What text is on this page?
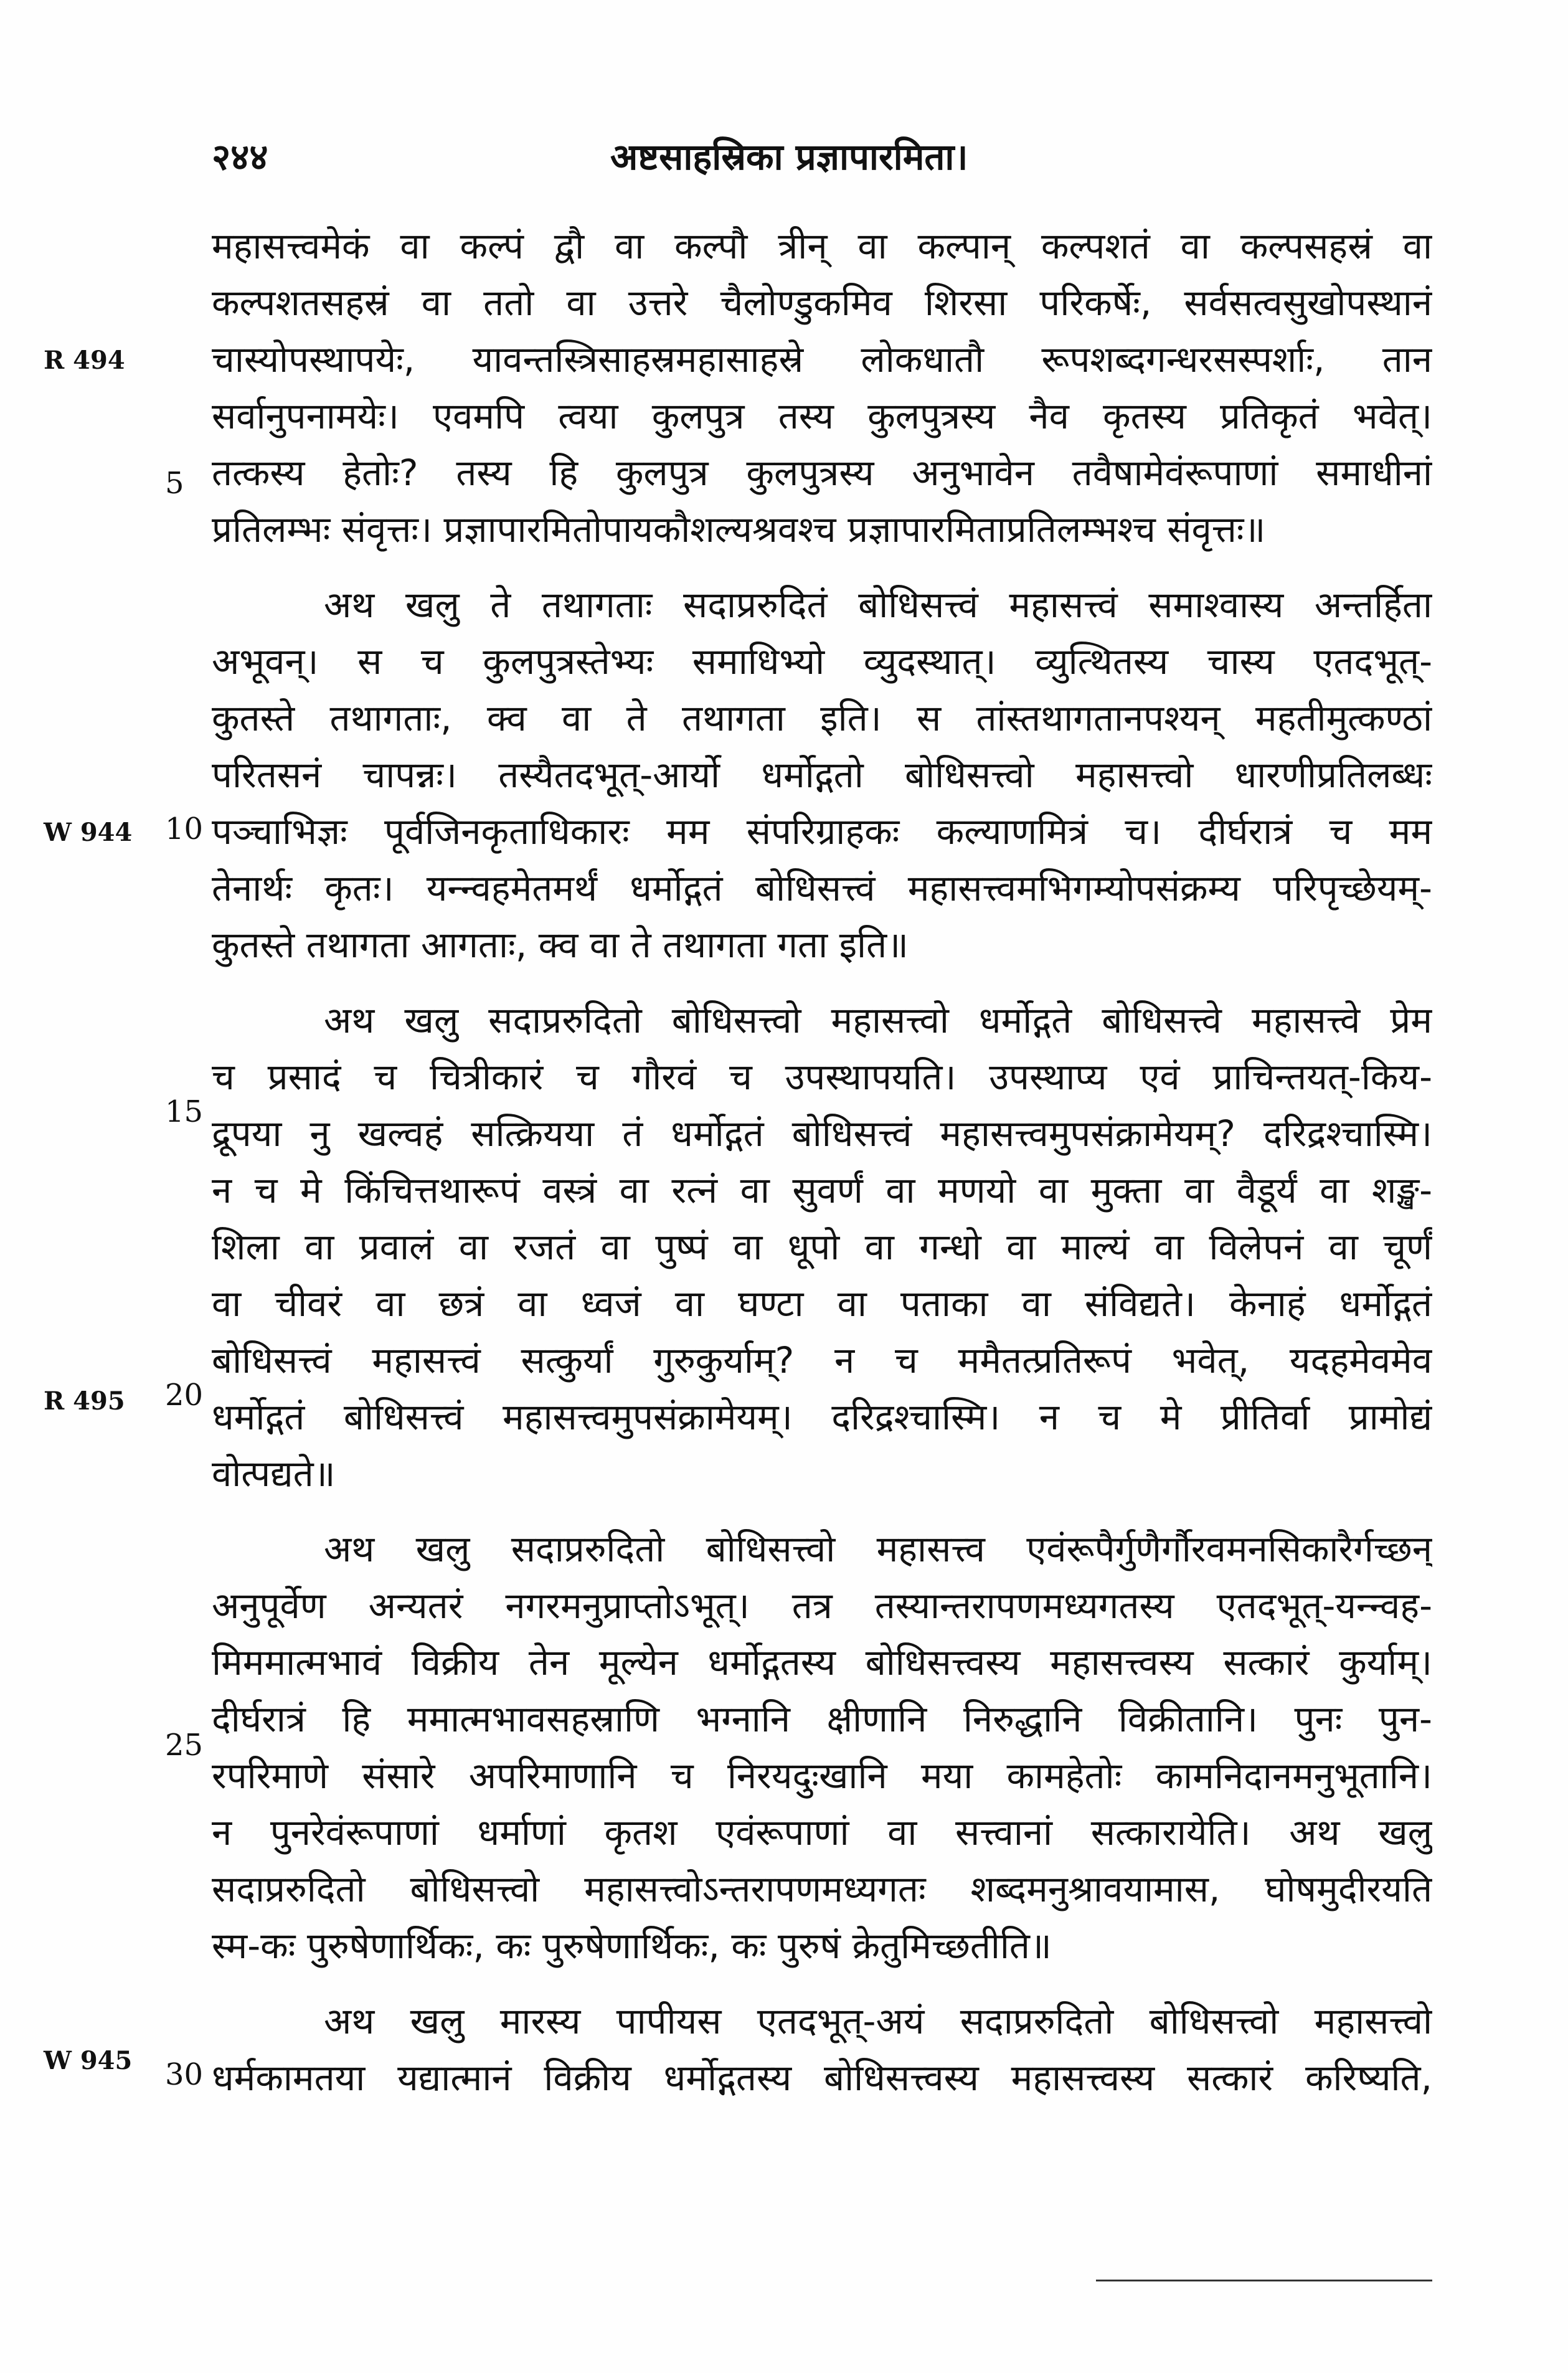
२४४	अष्टसाहस्रिका प्रज्ञापारमिता।
R 494
W 944
R 495
W 945
5
10
15
20
25
30
महासत्त्वमेकं वा कल्पं द्वौ वा कल्पौ त्रीन् वा कल्पान् कल्पशतं वा कल्पसहस्रं वा
कल्पशतसहस्रं वा ततो वा उत्तरे चैलोण्डुकमिव शिरसा परिकर्षेः, सर्वसत्वसुखोपस्थानं
चास्योपस्थापयेः, यावन्तस्त्रिसाहस्रमहासाहस्रे लोकधातौ रूपशब्दगन्धरसस्पर्शाः, तान
सर्वानुपनामयेः। एवमपि त्वया कुलपुत्र तस्य कुलपुत्रस्य नैव कृतस्य प्रतिकृतं भवेत्।
तत्कस्य हेतोः? तस्य हि कुलपुत्र कुलपुत्रस्य अनुभावेन तवैषामेवंरूपाणां समाधीनां
प्रतिलम्भः संवृत्तः। प्रज्ञापारमितोपायकौशल्यश्रवश्च प्रज्ञापारमिताप्रतिलम्भश्च संवृत्तः॥
अथ खलु ते तथागताः सदाप्ररुदितं बोधिसत्त्वं महासत्त्वं समाश्वास्य अन्तर्हिता
अभूवन्। स च कुलपुत्रस्तेभ्यः समाधिभ्यो व्युदस्थात्। व्युत्थितस्य चास्य एतदभूत्-
कुतस्ते तथागताः, क्व वा ते तथागता इति। स तांस्तथागतानपश्यन् महतीमुत्कण्ठां
परितसनं चापन्नः। तस्यैतदभूत्-आर्यो धर्मोद्गतो बोधिसत्त्वो महासत्त्वो धारणीप्रतिलब्धः
पञ्चाभिज्ञः पूर्वजिनकृताधिकारः मम संपरिग्राहकः कल्याणमित्रं च। दीर्घरात्रं च मम
तेनार्थः कृतः। यन्न्वहमेतमर्थं धर्मोद्गतं बोधिसत्त्वं महासत्त्वमभिगम्योपसंक्रम्य परिपृच्छेयम्-
कुतस्ते तथागता आगताः, क्व वा ते तथागता गता इति॥
अथ खलु सदाप्ररुदितो बोधिसत्त्वो महासत्त्वो धर्मोद्गते बोधिसत्त्वे महासत्त्वे प्रेम
च प्रसादं च चित्रीकारं च गौरवं च उपस्थापयति। उपस्थाप्य एवं प्राचिन्तयत्-किय-
द्रूपया नु खल्वहं सत्क्रियया तं धर्मोद्गतं बोधिसत्त्वं महासत्त्वमुपसंक्रामेयम्? दरिद्रश्चास्मि।
न च मे किंचित्तथारूपं वस्त्रं वा रत्नं वा सुवर्णं वा मणयो वा मुक्ता वा वैडूर्यं वा शङ्ख-
शिला वा प्रवालं वा रजतं वा पुष्पं वा धूपो वा गन्धो वा माल्यं वा विलेपनं वा चूर्णं
वा चीवरं वा छत्रं वा ध्वजं वा घण्टा वा पताका वा संविद्यते। केनाहं धर्मोद्गतं
बोधिसत्त्वं महासत्त्वं सत्कुर्यां गुरुकुर्याम्? न च ममैतत्प्रतिरूपं भवेत्, यदहमेवमेव
धर्मोद्गतं बोधिसत्त्वं महासत्त्वमुपसंक्रामेयम्। दरिद्रश्चास्मि। न च मे प्रीतिर्वा प्रामोद्यं
वोत्पद्यते॥
अथ खलु सदाप्ररुदितो बोधिसत्त्वो महासत्त्व एवंरूपैर्गुणैर्गौरवमनसिकारैर्गच्छन्
अनुपूर्वेण अन्यतरं नगरमनुप्राप्तोऽभूत्। तत्र तस्यान्तरापणमध्यगतस्य एतदभूत्-यन्न्वह-
मिममात्मभावं विक्रीय तेन मूल्येन धर्मोद्गतस्य बोधिसत्त्वस्य महासत्त्वस्य सत्कारं कुर्याम्।
दीर्घरात्रं हि ममात्मभावसहस्राणि भग्नानि क्षीणानि निरुद्धानि विक्रीतानि। पुनः पुन-
रपरिमाणे संसारे अपरिमाणानि च निरयदुःखानि मया कामहेतोः कामनिदानमनुभूतानि।
न पुनरेवंरूपाणां धर्माणां कृतश एवंरूपाणां वा सत्त्वानां सत्कारायेति। अथ खलु
सदाप्ररुदितो बोधिसत्त्वो महासत्त्वोऽन्तरापणमध्यगतः शब्दमनुश्रावयामास, घोषमुदीरयति
स्म-कः पुरुषेणार्थिकः, कः पुरुषेणार्थिकः, कः पुरुषं क्रेतुमिच्छतीति॥
अथ खलु मारस्य पापीयस एतदभूत्-अयं सदाप्ररुदितो बोधिसत्त्वो महासत्त्वो
धर्मकामतया यद्यात्मानं विक्रीय धर्मोद्गतस्य बोधिसत्त्वस्य महासत्त्वस्य सत्कारं करिष्यति,
